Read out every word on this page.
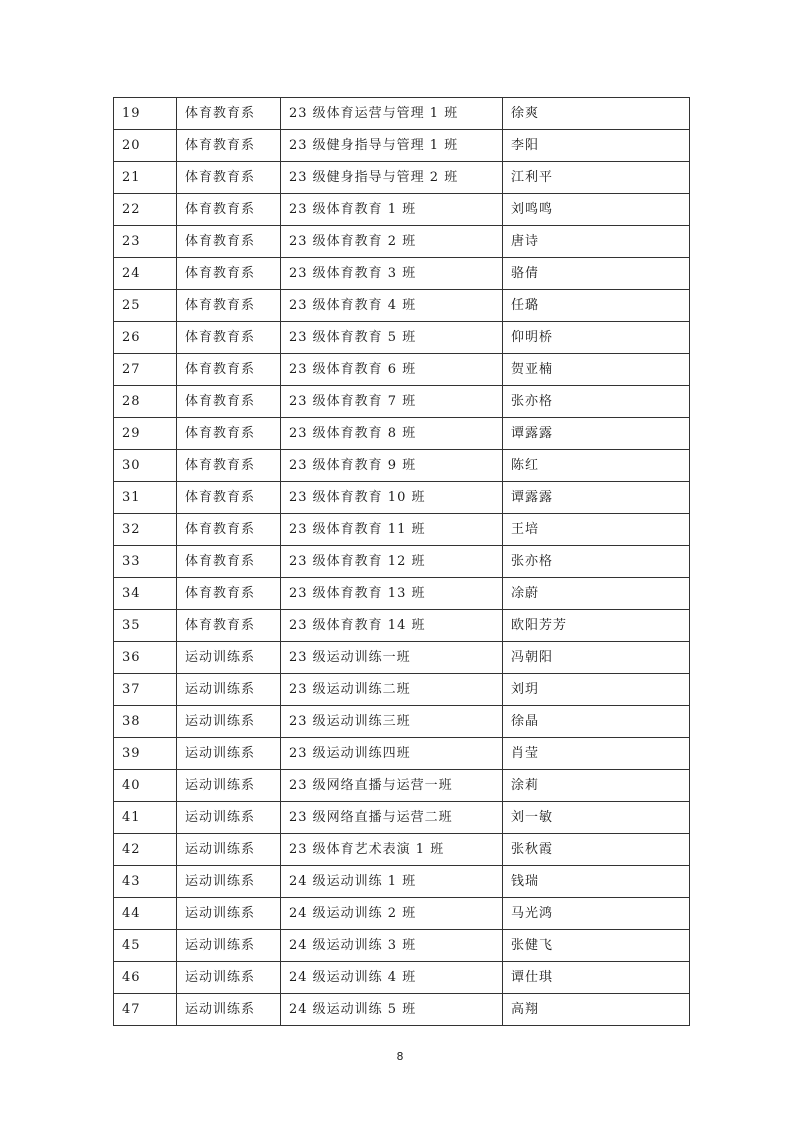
19	体育教育系	23 级体育运营与管理 1 班	徐爽
20	体育教育系	23 级健身指导与管理 1 班	李阳
21	体育教育系	23 级健身指导与管理 2 班	江利平
22	体育教育系	23 级体育教育 1 班	刘鸣鸣
23	体育教育系	23 级体育教育 2 班	唐诗
24	体育教育系	23 级体育教育 3 班	骆倩
25	体育教育系	23 级体育教育 4 班	任璐
26	体育教育系	23 级体育教育 5 班	仰明桥
27	体育教育系	23 级体育教育 6 班	贺亚楠
28	体育教育系	23 级体育教育 7 班	张亦格
29	体育教育系	23 级体育教育 8 班	谭露露
30	体育教育系	23 级体育教育 9 班	陈红
31	体育教育系	23 级体育教育 10 班	谭露露
32	体育教育系	23 级体育教育 11 班	王培
33	体育教育系	23 级体育教育 12 班	张亦格
34	体育教育系	23 级体育教育 13 班	凃蔚
35	体育教育系	23 级体育教育 14 班	欧阳芳芳
36	运动训练系	23 级运动训练一班	冯朝阳
37	运动训练系	23 级运动训练二班	刘玥
38	运动训练系	23 级运动训练三班	徐晶
39	运动训练系	23 级运动训练四班	肖莹
40	运动训练系	23 级网络直播与运营一班	涂莉
41	运动训练系	23 级网络直播与运营二班	刘一敏
42	运动训练系	23 级体育艺术表演 1 班	张秋霞
43	运动训练系	24 级运动训练 1 班	钱瑞
44	运动训练系	24 级运动训练 2 班	马光鸿
45	运动训练系	24 级运动训练 3 班	张健飞
46	运动训练系	24 级运动训练 4 班	谭仕琪
47	运动训练系	24 级运动训练 5 班	高翔
8
